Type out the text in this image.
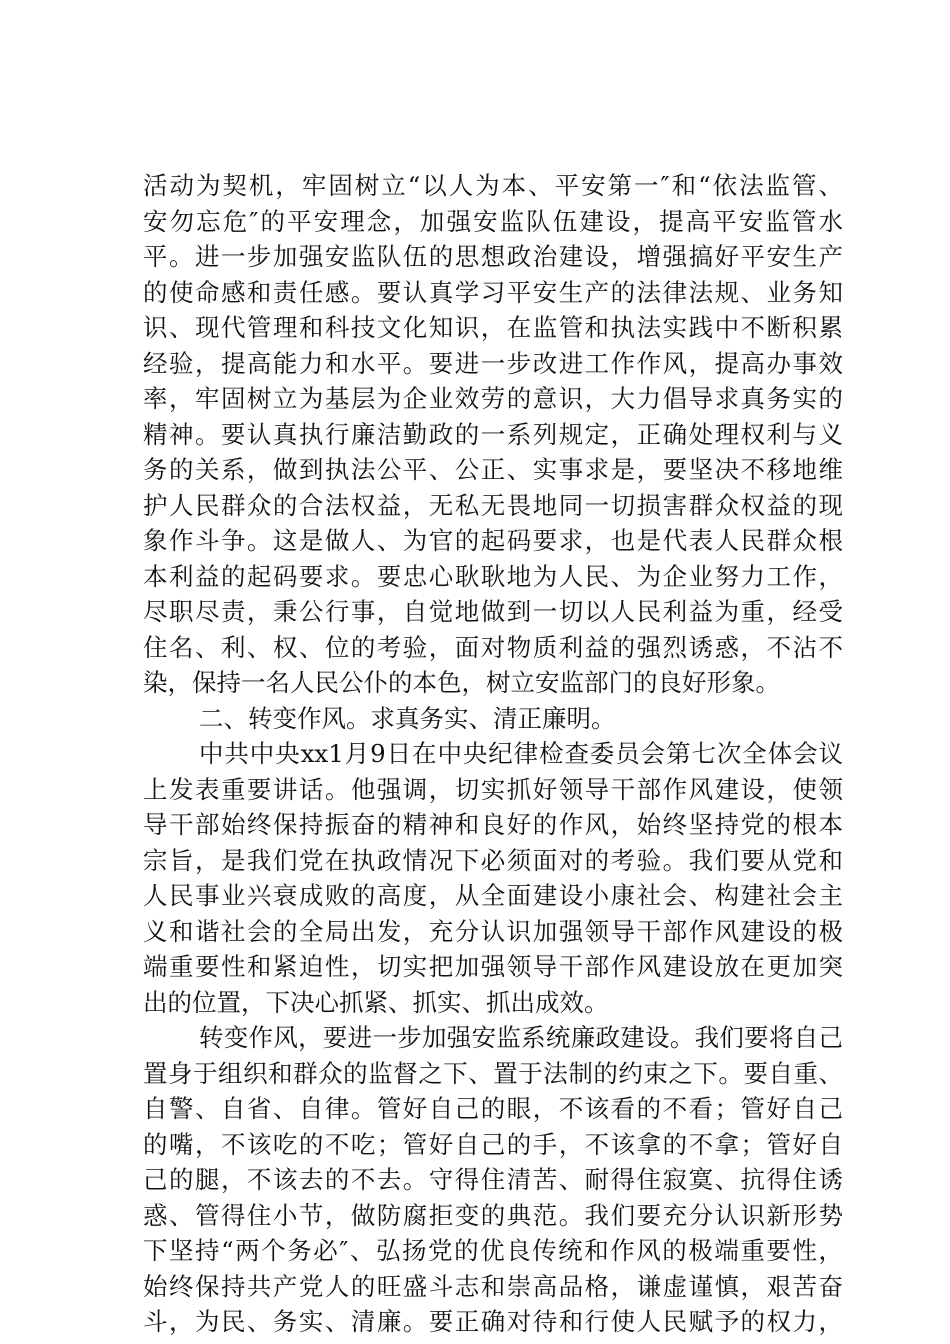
活动为契机，牢固树立“以人为本、平安第一″和“依法监管、
安勿忘危″的平安理念，加强安监队伍建设，提高平安监管水
平。进一步加强安监队伍的思想政治建设，增强搞好平安生产
的使命感和责任感。要认真学习平安生产的法律法规、业务知
识、现代管理和科技文化知识，在监管和执法实践中不断积累
经验，提高能力和水平。要进一步改进工作作风，提高办事效
率，牢固树立为基层为企业效劳的意识，大力倡导求真务实的
精神。要认真执行廉洁勤政的一系列规定，正确处理权利与义
务的关系，做到执法公平、公正、实事求是，要坚决不移地维
护人民群众的合法权益，无私无畏地同一切损害群众权益的现
象作斗争。这是做人、为官的起码要求，也是代表人民群众根
本利益的起码要求。要忠心耿耿地为人民、为企业努力工作，
尽职尽责，秉公行事，自觉地做到一切以人民利益为重，经受
住名、利、权、位的考验，面对物质利益的强烈诱惑，不沾不
染，保持一名人民公仆的本色，树立安监部门的良好形象。
二、转变作风。求真务实、清正廉明。
中共中央xx1月9日在中央纪律检查委员会第七次全体会议
上发表重要讲话。他强调，切实抓好领导干部作风建设，使领
导干部始终保持振奋的精神和良好的作风，始终坚持党的根本
宗旨，是我们党在执政情况下必须面对的考验。我们要从党和
人民事业兴衰成败的高度，从全面建设小康社会、构建社会主
义和谐社会的全局出发，充分认识加强领导干部作风建设的极
端重要性和紧迫性，切实把加强领导干部作风建设放在更加突
出的位置，下决心抓紧、抓实、抓出成效。
转变作风，要进一步加强安监系统廉政建设。我们要将自己
置身于组织和群众的监督之下、置于法制的约束之下。要自重、
自警、自省、自律。管好自己的眼，不该看的不看；管好自己
的嘴，不该吃的不吃；管好自己的手，不该拿的不拿；管好自
己的腿，不该去的不去。守得住清苦、耐得住寂寞、抗得住诱
惑、管得住小节，做防腐拒变的典范。我们要充分认识新形势
下坚持“两个务必″、弘扬党的优良传统和作风的极端重要性，
始终保持共产党人的旺盛斗志和崇高品格，谦虚谨慎，艰苦奋
斗，为民、务实、清廉。要正确对待和行使人民赋予的权力，
